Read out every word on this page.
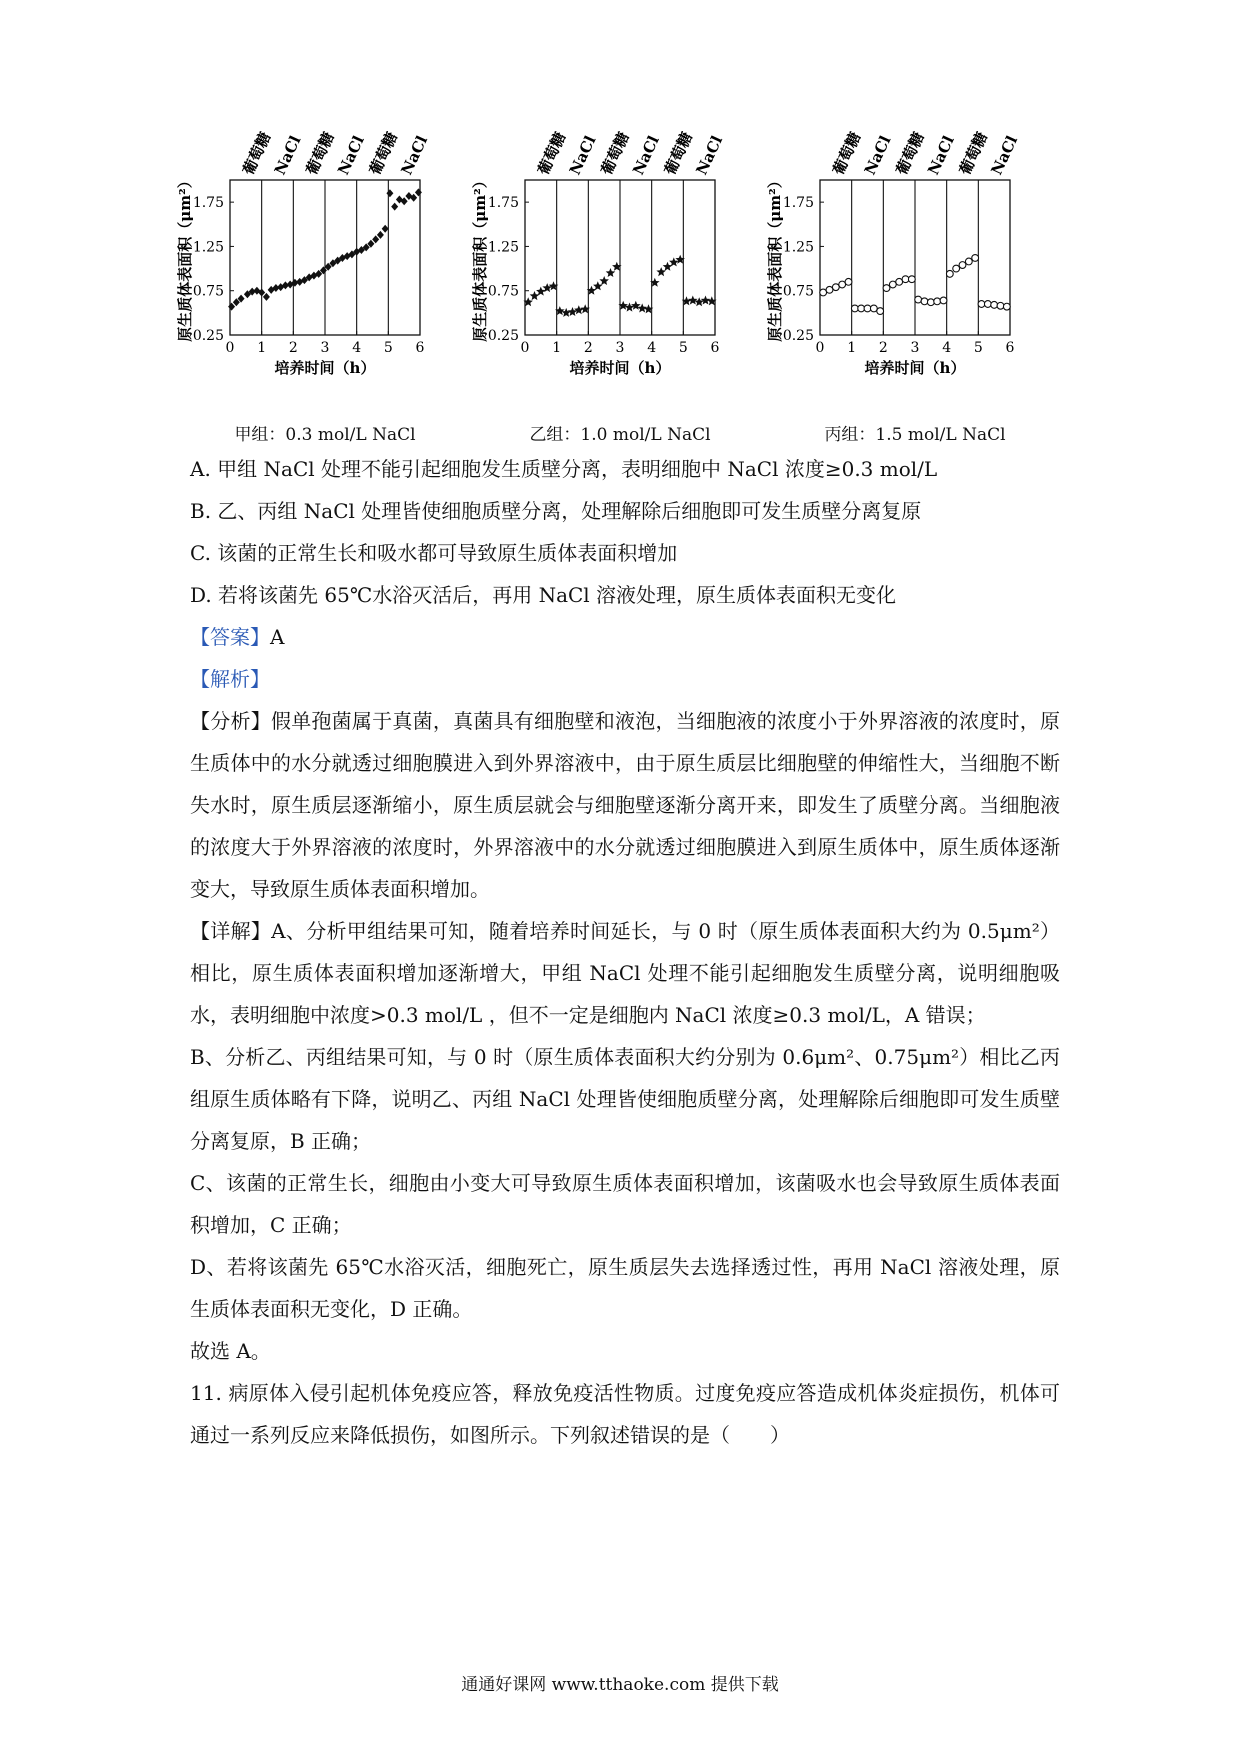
葡萄糖
NaCl
葡萄糖
NaCl
葡萄糖
NaCl
0.25
0.75
1.25
1.75
0 1 2 3 4 5 6
培养时间（h）
原生质体表面积（μm²）
甲组：0.3 mol/L NaCl
葡萄糖
NaCl
葡萄糖
NaCl
葡萄糖
NaCl
0.25
0.75
1.25
1.75
0 1 2 3 4 5 6
培养时间（h）
原生质体表面积（μm²）
乙组：1.0 mol/L NaCl
葡萄糖
NaCl
葡萄糖
NaCl
葡萄糖
NaCl
0.25
0.75
1.25
1.75
0 1 2 3 4 5 6
培养时间（h）
原生质体表面积（μm²）
丙组：1.5 mol/L NaCl

A. 甲组 NaCl 处理不能引起细胞发生质壁分离，表明细胞中 NaCl 浓度≥0.3 mol/L

B. 乙、丙组 NaCl 处理皆使细胞质壁分离，处理解除后细胞即可发生质壁分离复原

C. 该菌的正常生长和吸水都可导致原生质体表面积增加

D. 若将该菌先 65℃水浴灭活后，再用 NaCl 溶液处理，原生质体表面积无变化

【答案】A

【解析】

【分析】假单孢菌属于真菌，真菌具有细胞壁和液泡，当细胞液的浓度小于外界溶液的浓度时，原生质体中的水分就透过细胞膜进入到外界溶液中，由于原生质层比细胞壁的伸缩性大，当细胞不断失水时，原生质层逐渐缩小，原生质层就会与细胞壁逐渐分离开来，即发生了质壁分离。当细胞液的浓度大于外界溶液的浓度时，外界溶液中的水分就透过细胞膜进入到原生质体中，原生质体逐渐变大，导致原生质体表面积增加。

【详解】A、分析甲组结果可知，随着培养时间延长，与 0 时（原生质体表面积大约为 0.5μm²）相比，原生质体表面积增加逐渐增大，甲组 NaCl 处理不能引起细胞发生质壁分离，说明细胞吸水，表明细胞中浓度>0.3 mol/L ，但不一定是细胞内 NaCl 浓度≥0.3 mol/L，A 错误；

B、分析乙、丙组结果可知，与 0 时（原生质体表面积大约分别为 0.6μm²、0.75μm²）相比乙丙组原生质体略有下降，说明乙、丙组 NaCl 处理皆使细胞质壁分离，处理解除后细胞即可发生质壁分离复原，B 正确；

C、该菌的正常生长，细胞由小变大可导致原生质体表面积增加，该菌吸水也会导致原生质体表面积增加，C 正确；

D、若将该菌先 65℃水浴灭活，细胞死亡，原生质层失去选择透过性，再用 NaCl 溶液处理，原生质体表面积无变化，D 正确。

故选 A。

11. 病原体入侵引起机体免疫应答，释放免疫活性物质。过度免疫应答造成机体炎症损伤，机体可通过一系列反应来降低损伤，如图所示。下列叙述错误的是（　　）

通通好课网 www.tthaoke.com 提供下载
